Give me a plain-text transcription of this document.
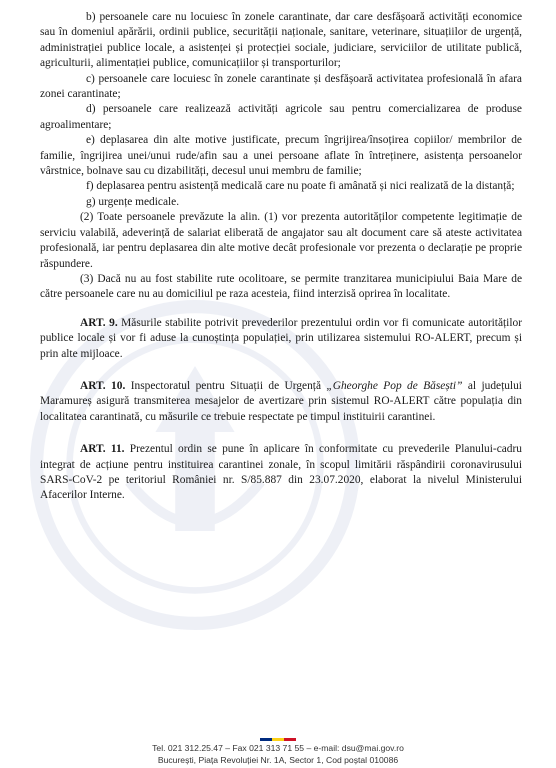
b) persoanele care nu locuiesc în zonele carantinate, dar care desfășoară activități economice sau în domeniul apărării, ordinii publice, securității naționale, sanitare, veterinare, situațiilor de urgență, administrației publice locale, a asistenței și protecției sociale, judiciare, serviciilor de utilitate publică, agriculturii, alimentației publice, comunicațiilor și transporturilor;

c) persoanele care locuiesc în zonele carantinate și desfășoară activitatea profesională în afara zonei carantinate;

d) persoanele care realizează activități agricole sau pentru comercializarea de produse agroalimentare;

e) deplasarea din alte motive justificate, precum îngrijirea/însoțirea copiilor/ membrilor de familie, îngrijirea unei/unui rude/afin sau a unei persoane aflate în întreținere, asistența persoanelor vârstnice, bolnave sau cu dizabilități, decesul unui membru de familie;

f) deplasarea pentru asistență medicală care nu poate fi amânată și nici realizată de la distanță;

g) urgențe medicale.

(2) Toate persoanele prevăzute la alin. (1) vor prezenta autorităților competente legitimație de serviciu valabilă, adeverință de salariat eliberată de angajator sau alt document care să ateste activitatea profesională, iar pentru deplasarea din alte motive decât profesionale vor prezenta o declarație pe proprie răspundere.

(3) Dacă nu au fost stabilite rute ocolitoare, se permite tranzitarea municipiului Baia Mare de către persoanele care nu au domiciliul pe raza acesteia, fiind interzisă oprirea în localitate.

ART. 9. Măsurile stabilite potrivit prevederilor prezentului ordin vor fi comunicate autorităților publice locale și vor fi aduse la cunoștința populației, prin utilizarea sistemului RO-ALERT, precum și prin alte mijloace.

ART. 10. Inspectoratul pentru Situații de Urgență „Gheorghe Pop de Băsești” al județului Maramureș asigură transmiterea mesajelor de avertizare prin sistemul RO-ALERT către populația din localitatea carantinată, cu măsurile ce trebuie respectate pe timpul instituirii carantinei.

ART. 11. Prezentul ordin se pune în aplicare în conformitate cu prevederile Planului-cadru integrat de acțiune pentru instituirea carantinei zonale, în scopul limitării răspândirii coronavirusului SARS-CoV-2 pe teritoriul României nr. S/85.887 din 23.07.2020, elaborat la nivelul Ministerului Afacerilor Interne.

Tel. 021 312.25.47 – Fax 021 313 71 55 – e-mail: dsu@mai.gov.ro
București, Piața Revoluției Nr. 1A, Sector 1, Cod poștal 010086
